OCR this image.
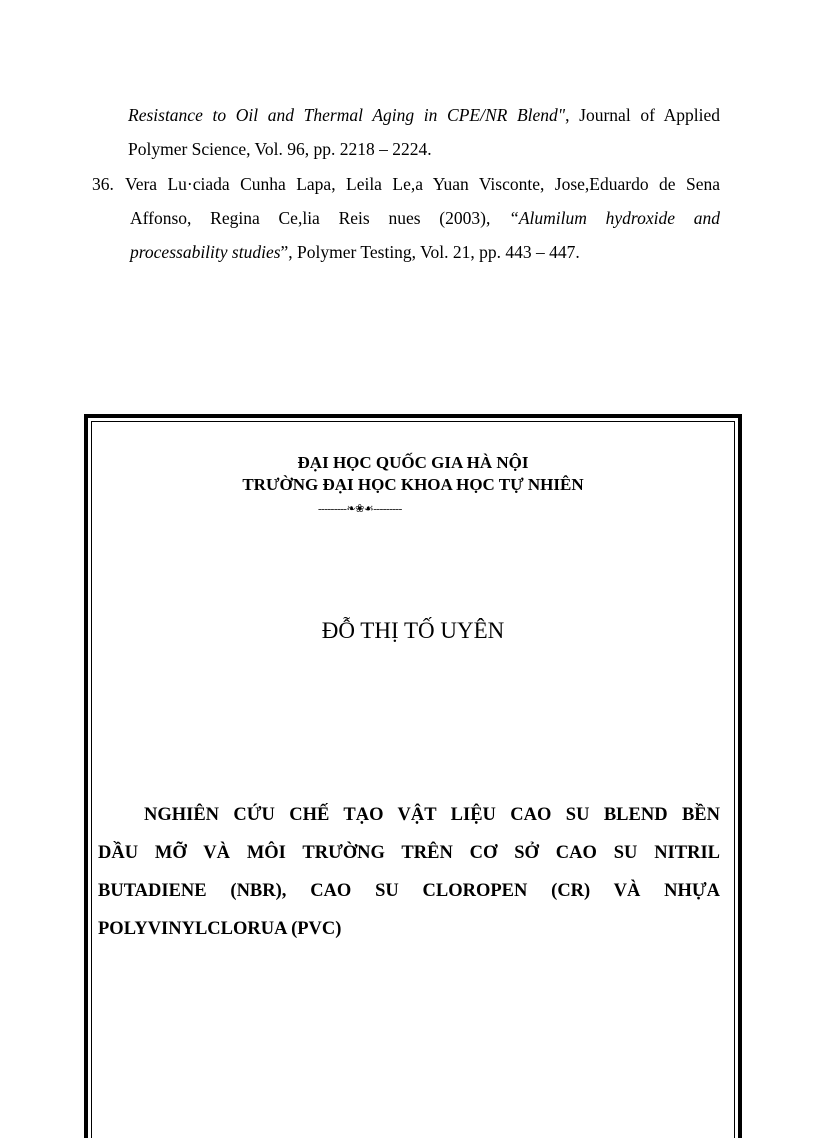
Resistance to Oil and Thermal Aging in CPE/NR Blend", Journal of Applied
Polymer Science, Vol. 96, pp. 2218 – 2224.
36. Vera Lu·ciada Cunha Lapa, Leila Le,a Yuan Visconte, Jose,Eduardo de Sena
Affonso, Regina Ce,lia Reis nues (2003), “Alumilum hydroxide and
processability studies”, Polymer Testing, Vol. 21, pp. 443 – 447.
ĐẠI HỌC QUỐC GIA HÀ NỘI
TRƯỜNG ĐẠI HỌC KHOA HỌC TỰ NHIÊN
---------❧❀☙---------
ĐỖ THỊ TỐ UYÊN
NGHIÊN CỨU CHẾ TẠO VẬT LIỆU CAO SU BLEND BỀN
DẦU MỠ VÀ MÔI TRƯỜNG TRÊN CƠ SỞ CAO SU NITRIL
BUTADIENE (NBR), CAO SU CLOROPEN (CR) VÀ NHỰA
POLYVINYLCLORUA (PVC)
